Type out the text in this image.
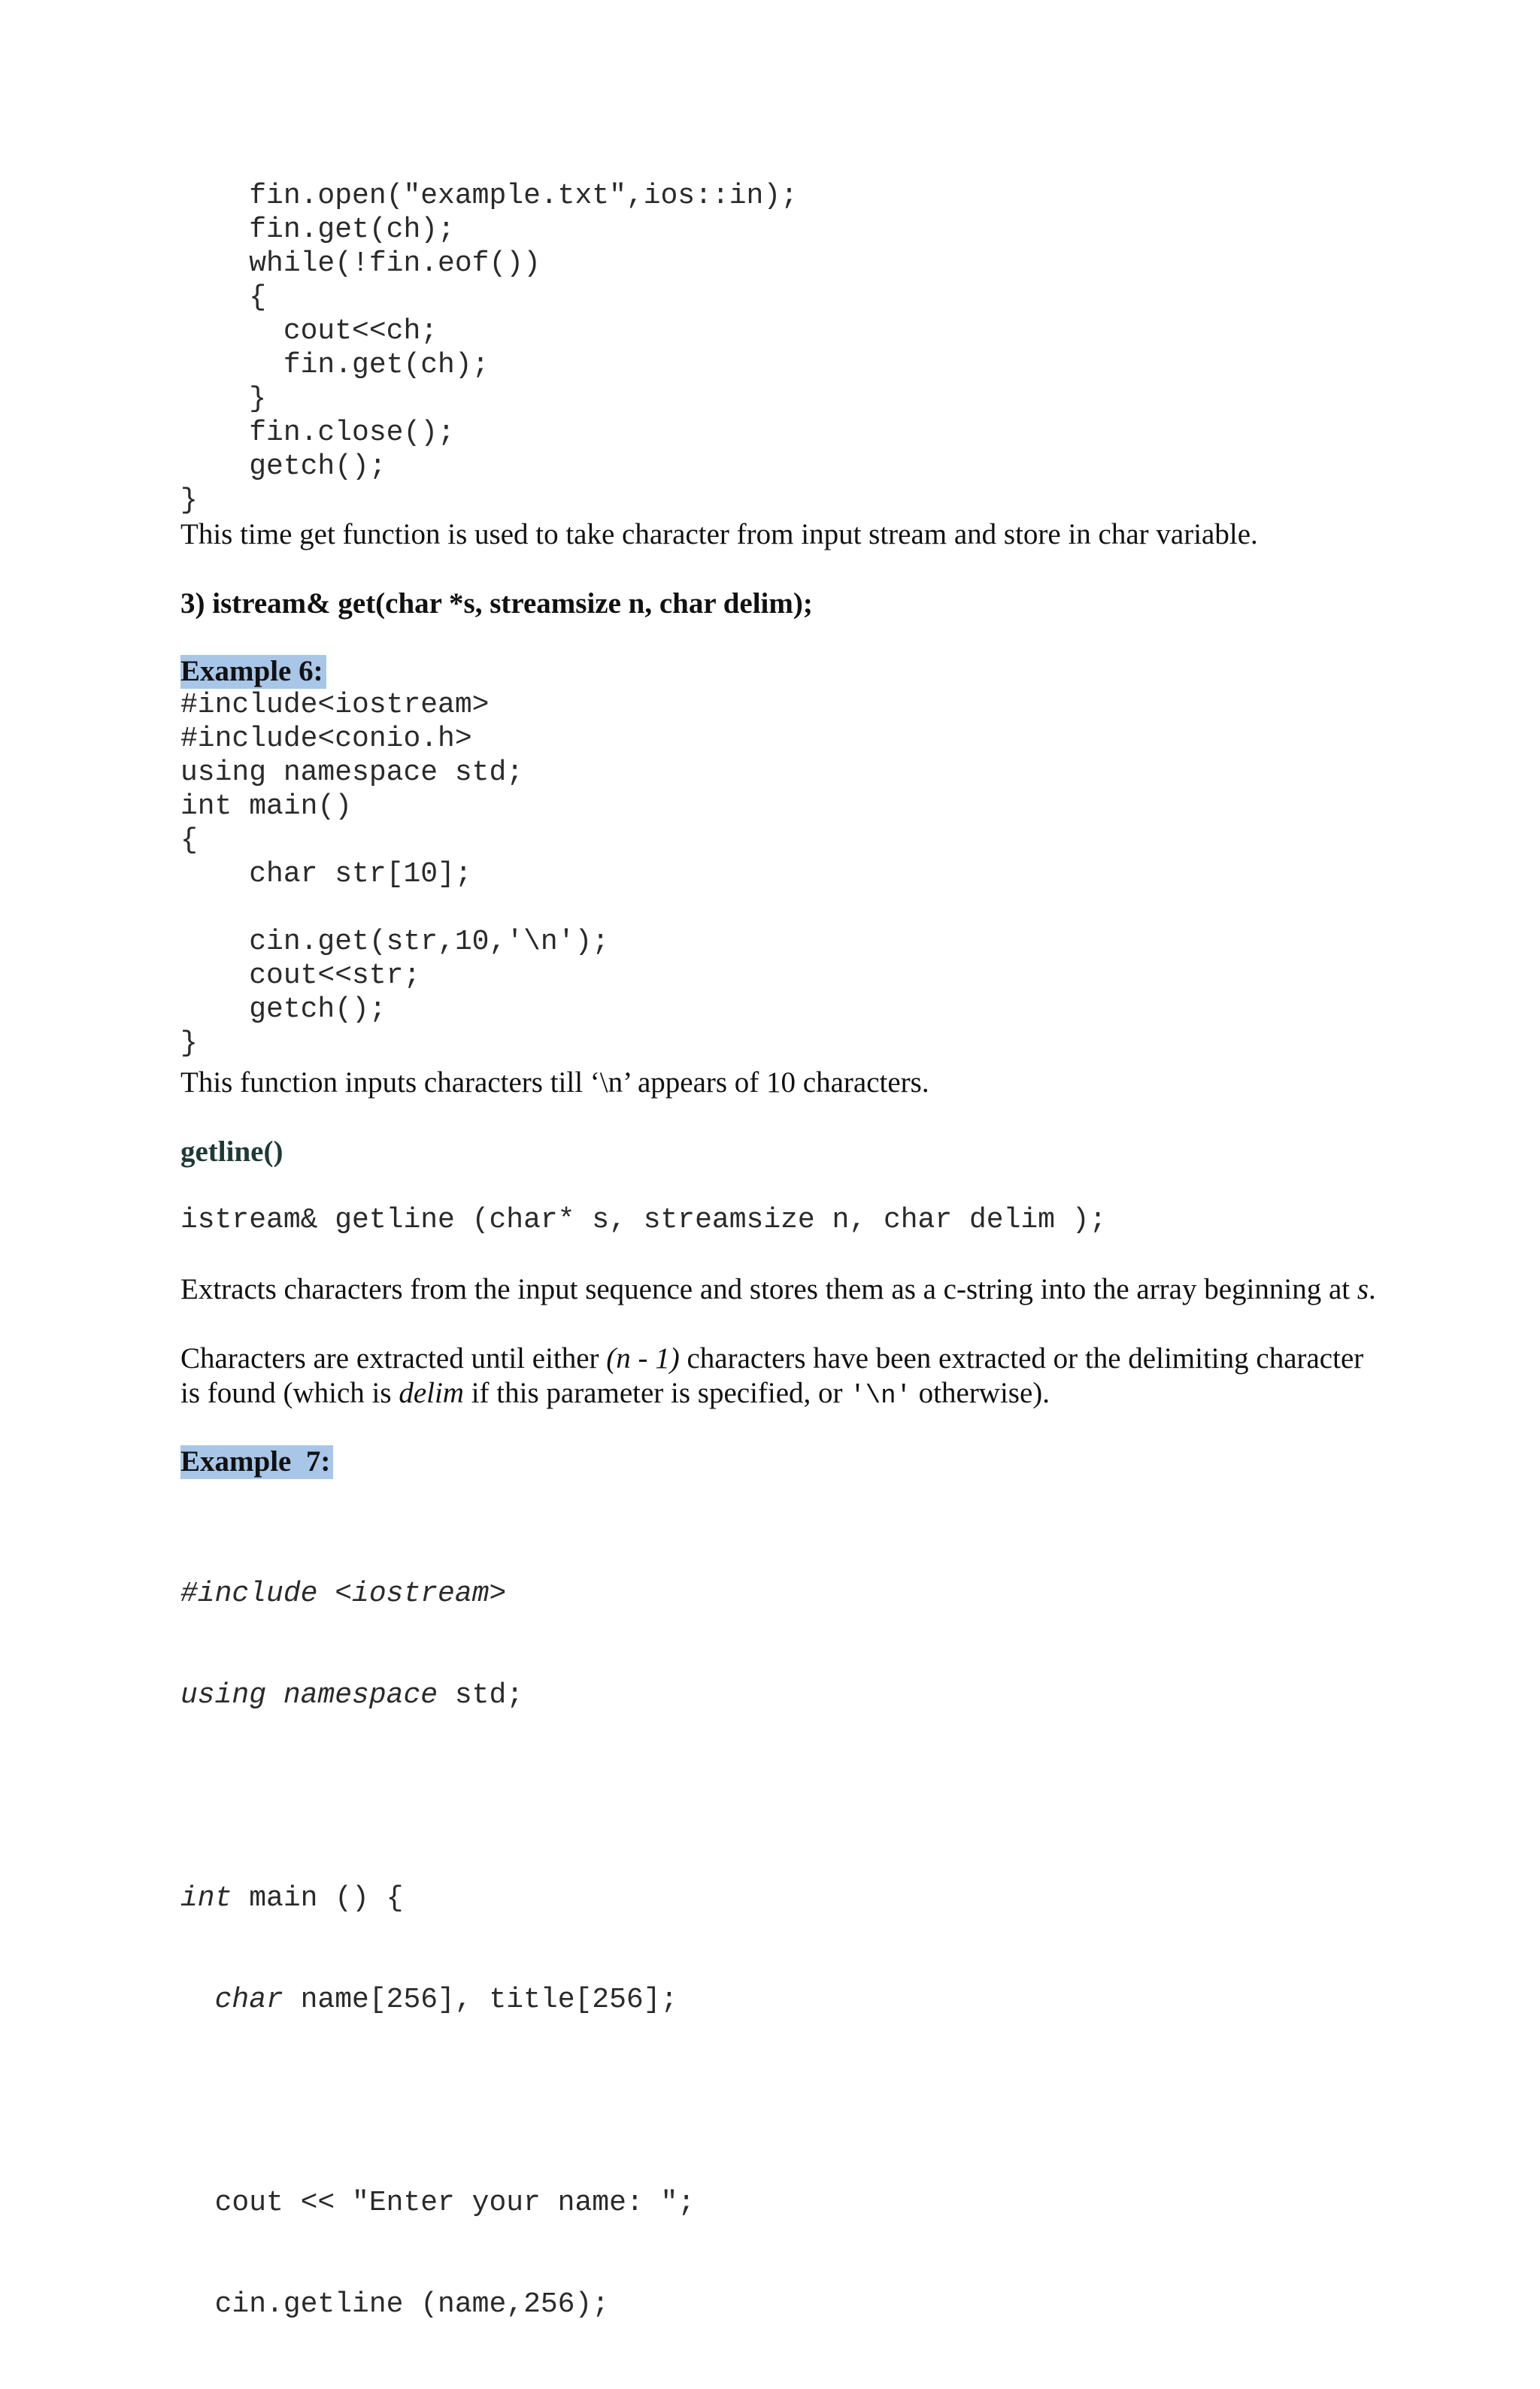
fin.open("example.txt",ios::in);
fin.get(ch);
while(!fin.eof())
{
cout<<ch;
fin.get(ch);
}
fin.close();
getch();
}

This time get function is used to take character from input stream and store in char variable.

3) istream& get(char *s, streamsize n, char delim);

Example 6:

#include<iostream>
#include<conio.h>
using namespace std;
int main()
{
char str[10];

cin.get(str,10,'\n');
cout<<str;
getch();
}

This function inputs characters till ‘\n’ appears of 10 characters.

getline()

istream& getline (char* s, streamsize n, char delim );

Extracts characters from the input sequence and stores them as a c-string into the array beginning at s.

Characters are extracted until either (n - 1) characters have been extracted or the delimiting character is found (which is delim if this parameter is specified, or '\n' otherwise).

Example  7:

#include <iostream>

using namespace std;

int main () {

char name[256], title[256];

cout << "Enter your name: ";

cin.getline (name,256);
